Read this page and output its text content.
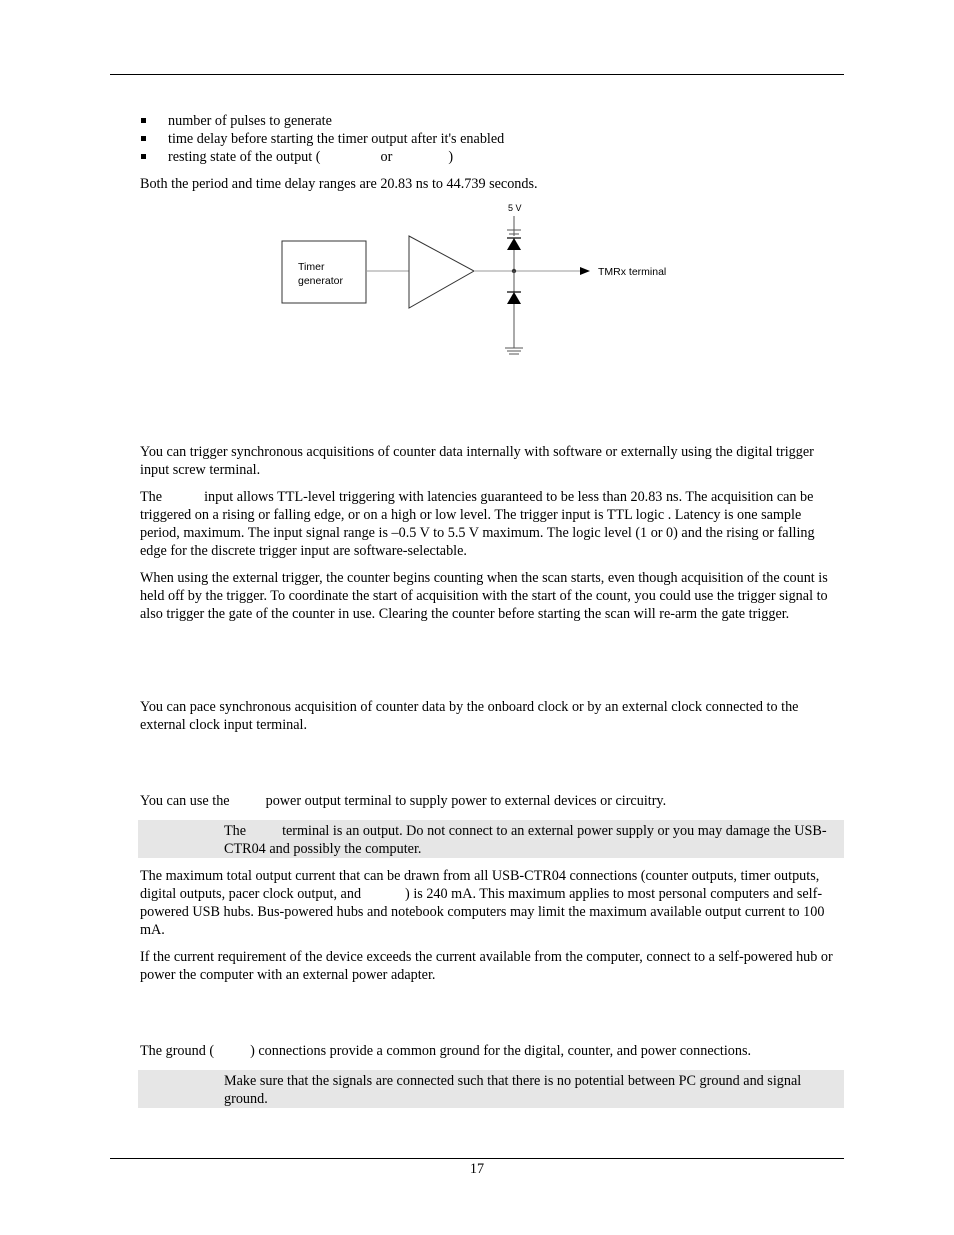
number of pulses to generate
time delay before starting the timer output after it's enabled
resting state of the output (	or	)
Both the period and time delay ranges are 20.83 ns to 44.739 seconds.
5 V
Timer
generator
TMRx terminal
You can trigger synchronous acquisitions of counter data internally with software or externally using the digital trigger input screw terminal.
The	input allows TTL-level triggering with latencies guaranteed to be less than 20.83 ns. The acquisition can be triggered on a rising or falling edge, or on a high or low level. The trigger input is TTL logic . Latency is one sample period, maximum. The input signal range is –0.5 V to 5.5 V maximum. The logic level (1 or 0) and the rising or falling edge for the discrete trigger input are software-selectable.
When using the external trigger, the counter begins counting when the scan starts, even though acquisition of the count is held off by the trigger. To coordinate the start of acquisition with the start of the count, you could use the trigger signal to also trigger the gate of the counter in use. Clearing the counter before starting the scan will re-arm the gate trigger.
You can pace synchronous acquisition of counter data by the onboard clock or by an external clock connected to theexternal clock input terminal.
You can use the	power output terminal to supply power to external devices or circuitry.
The	terminal is an output. Do not connect to an external power supply or you may damage the USB-CTR04 and possibly the computer.
The maximum total output current that can be drawn from all USB-CTR04 connections (counter outputs, timer outputs, digital outputs, pacer clock output, and	) is 240 mA. This maximum applies to most personal computers and self-powered USB hubs. Bus-powered hubs and notebook computers may limit the maximum available output current to 100 mA.
If the current requirement of the device exceeds the current available from the computer, connect to a self-powered hub or power the computer with an external power adapter.
The ground (	) connections provide a common ground for the digital, counter, and power connections.
Make sure that the signals are connected such that there is no potential between PC ground and signal ground.
17
